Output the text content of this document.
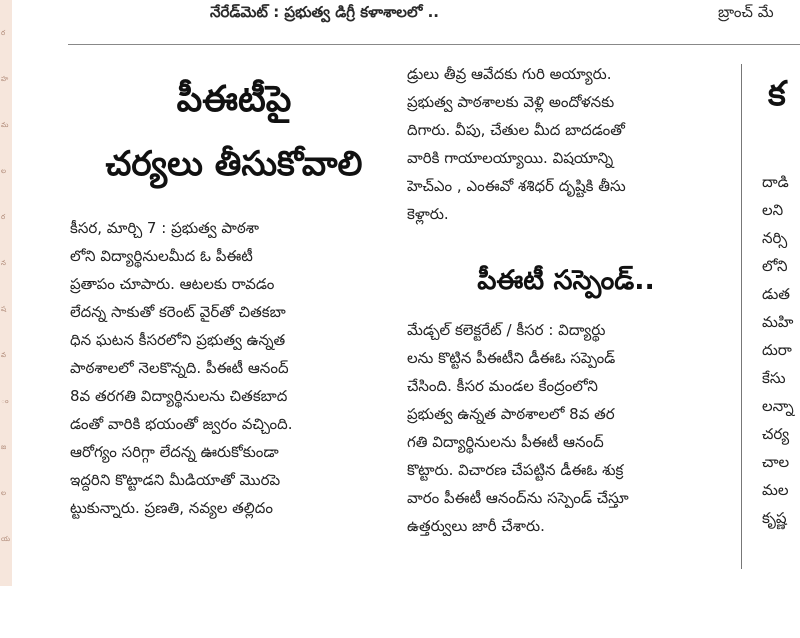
ర
హ
మ
ల
ర
న
ష
వ
ం
జ
ల
య
నేరేడ్‌మెట్ : ప్రభుత్వ డిగ్రీ కళాశాలలో ..	బ్రాంచ్ మే
పీఈటీపై
చర్యలు తీసుకోవాలి
కీసర, మార్చి 7 : ప్రభుత్వ పాఠశా
లోని విద్యార్థినులమీద ఓ పీఈటీ
ప్రతాపం చూపారు. ఆటలకు రావడం
లేదన్న సాకుతో కరెంట్ వైర్‌తో చితకబా
ధిన ఘటన కీసరలోని ప్రభుత్వ ఉన్నత
పాఠశాలలో నెలకొన్నది. పీఈటీ ఆనంద్
8వ తరగతి విద్యార్థినులను చితకబాద
డంతో వారికి భయంతో జ్వరం వచ్చింది.
ఆరోగ్యం సరిగ్గా లేదన్న ఊరుకోకుండా
ఇద్దరిని కొట్టాడని మీడియాతో మొరపె
ట్టుకున్నారు. ప్రణతి, నవ్యల తల్లిదం
డ్రులు తీవ్ర ఆవేదకు గురి అయ్యారు.
ప్రభుత్వ పాఠశాలకు వెళ్లి అందోళనకు
దిగారు. వీపు, చేతుల మీద బాదడంతో
వారికి గాయాలయ్యాయి. విషయాన్ని
హెచ్ఎం , ఎంఈవో శశిధర్ దృష్టికి తీసు
కెళ్లారు.
పీఈటీ సస్పెండ్..
మేడ్చల్ కలెక్టరేట్ / కీసర : విద్యార్థు
లను కొట్టిన పీఈటీని డీఈఓ సప్పెండ్
చేసింది. కీసర మండల కేంద్రంలోని
ప్రభుత్వ ఉన్నత పాఠశాలలో 8వ తర
గతి విద్యార్థినులను పీఈటీ ఆనంద్
కొట్టారు. విచారణ చేపట్టిన డీఈఓ శుక్ర
వారం పీఈటీ ఆనంద్‌ను సస్పెండ్ చేస్తూ
ఉత్తర్వులు జారీ చేశారు.
క
దాడి
లని
నర్సి
లోని
డుత
మహి
దురా
కేసు
లన్నా
చర్య
చాల
మల
కృష్ణ
